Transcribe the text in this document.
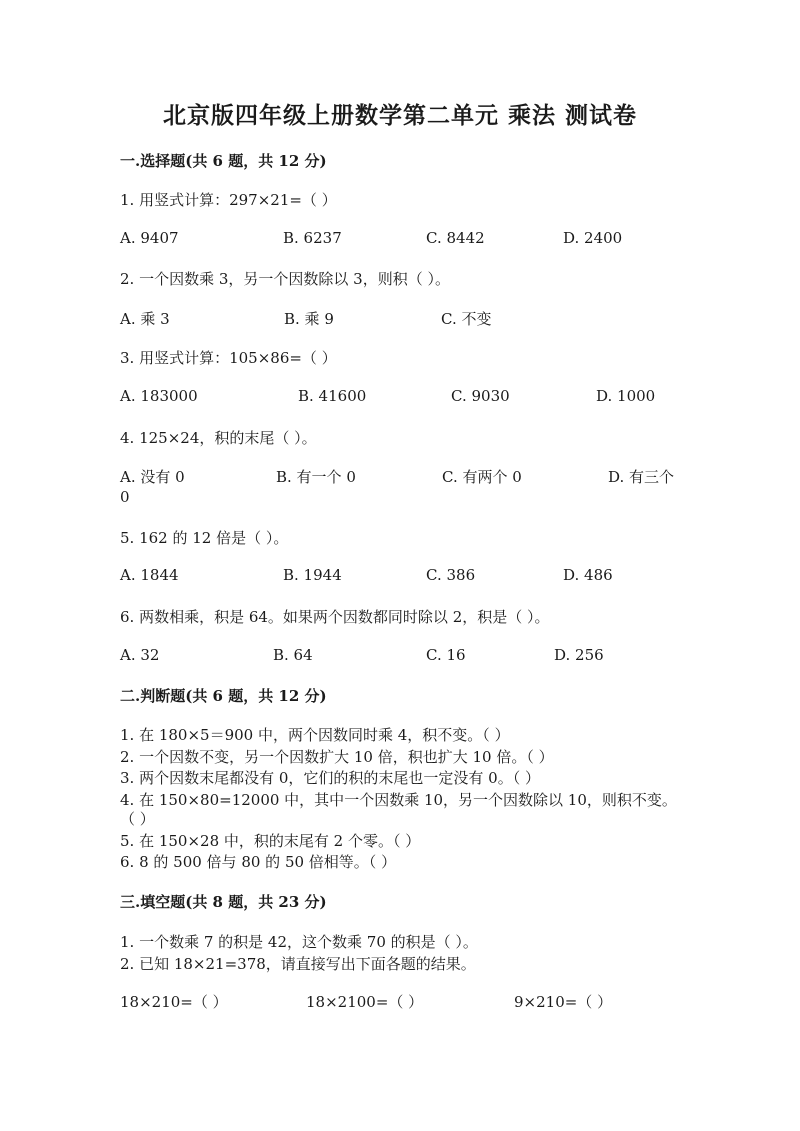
北京版四年级上册数学第二单元 乘法 测试卷
一.选择题(共 6 题，共 12 分)
1. 用竖式计算：297×21=（ ）
A. 9407	B. 6237	C. 8442	D. 2400
2. 一个因数乘 3，另一个因数除以 3，则积（ ）。
A. 乘 3	B. 乘 9	C. 不变
3. 用竖式计算：105×86=（ ）
A. 183000	B. 41600	C. 9030	D. 1000
4. 125×24，积的末尾（ ）。
A. 没有 0	B. 有一个 0	C. 有两个 0	D. 有三个
0
5. 162 的 12 倍是（ ）。
A. 1844	B. 1944	C. 386	D. 486
6. 两数相乘，积是 64。如果两个因数都同时除以 2，积是（ ）。
A. 32	B. 64	C. 16	D. 256
二.判断题(共 6 题，共 12 分)
1. 在 180×5＝900 中，两个因数同时乘 4，积不变。（ ）
2. 一个因数不变，另一个因数扩大 10 倍，积也扩大 10 倍。（ ）
3. 两个因数末尾都没有 0，它们的积的末尾也一定没有 0。（ ）
4. 在 150×80=12000 中，其中一个因数乘 10，另一个因数除以 10，则积不变。
（ ）
5. 在 150×28 中，积的末尾有 2 个零。（ ）
6. 8 的 500 倍与 80 的 50 倍相等。（ ）
三.填空题(共 8 题，共 23 分)
1. 一个数乘 7 的积是 42，这个数乘 70 的积是（ ）。
2. 已知 18×21=378，请直接写出下面各题的结果。
18×210=（ ）	18×2100=（ ）	9×210=（ ）
